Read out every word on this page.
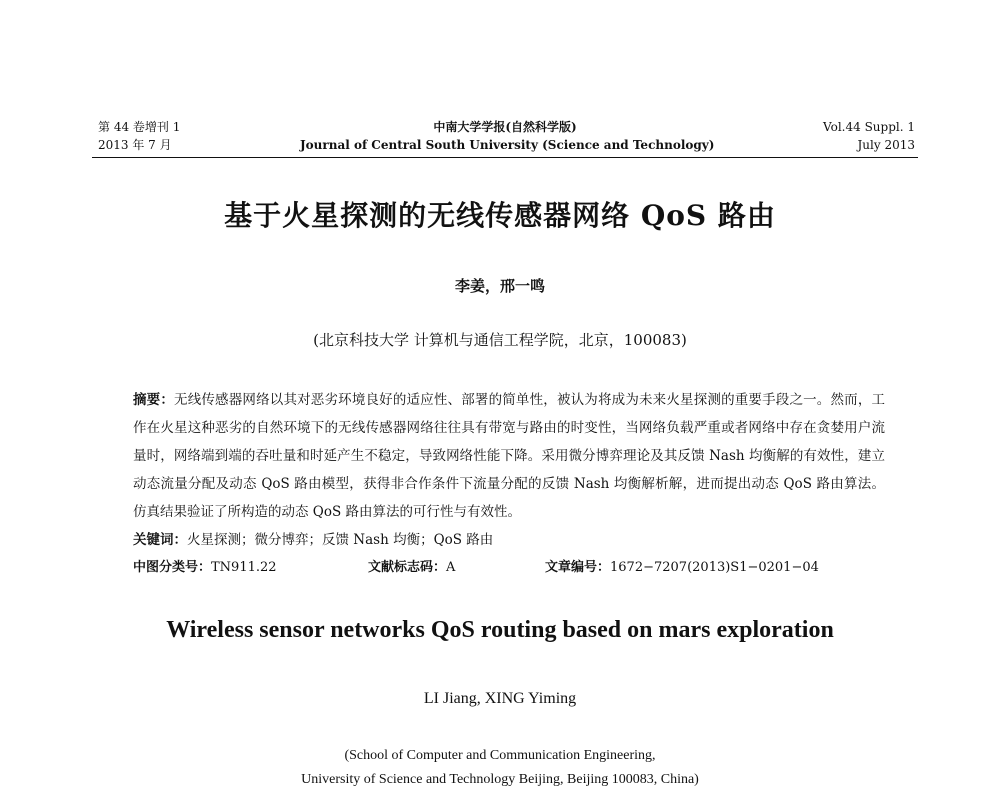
第 44 卷增刊 1
2013 年 7 月
中南大学学报(自然科学版)
Journal of Central South University (Science and Technology)
Vol.44 Suppl. 1
July 2013
基于火星探测的无线传感器网络 QoS 路由
李姜，邢一鸣
(北京科技大学 计算机与通信工程学院，北京，100083)
摘要：无线传感器网络以其对恶劣环境良好的适应性、部署的简单性，被认为将成为未来火星探测的重要手段之一。然而，工作在火星这种恶劣的自然环境下的无线传感器网络往往具有带宽与路由的时变性，当网络负载严重或者网络中存在贪婪用户流量时，网络端到端的吞吐量和时延产生不稳定，导致网络性能下降。采用微分博弈理论及其反馈 Nash 均衡解的有效性，建立动态流量分配及动态 QoS 路由模型，获得非合作条件下流量分配的反馈 Nash 均衡解析解，进而提出动态 QoS 路由算法。仿真结果验证了所构造的动态 QoS 路由算法的可行性与有效性。
关键词：火星探测；微分博弈；反馈 Nash 均衡；QoS 路由
中图分类号：TN911.22	文献标志码：A	文章编号：1672−7207(2013)S1−0201−04
Wireless sensor networks QoS routing based on mars exploration
LI Jiang, XING Yiming
(School of Computer and Communication Engineering,
University of Science and Technology Beijing, Beijing 100083, China)
